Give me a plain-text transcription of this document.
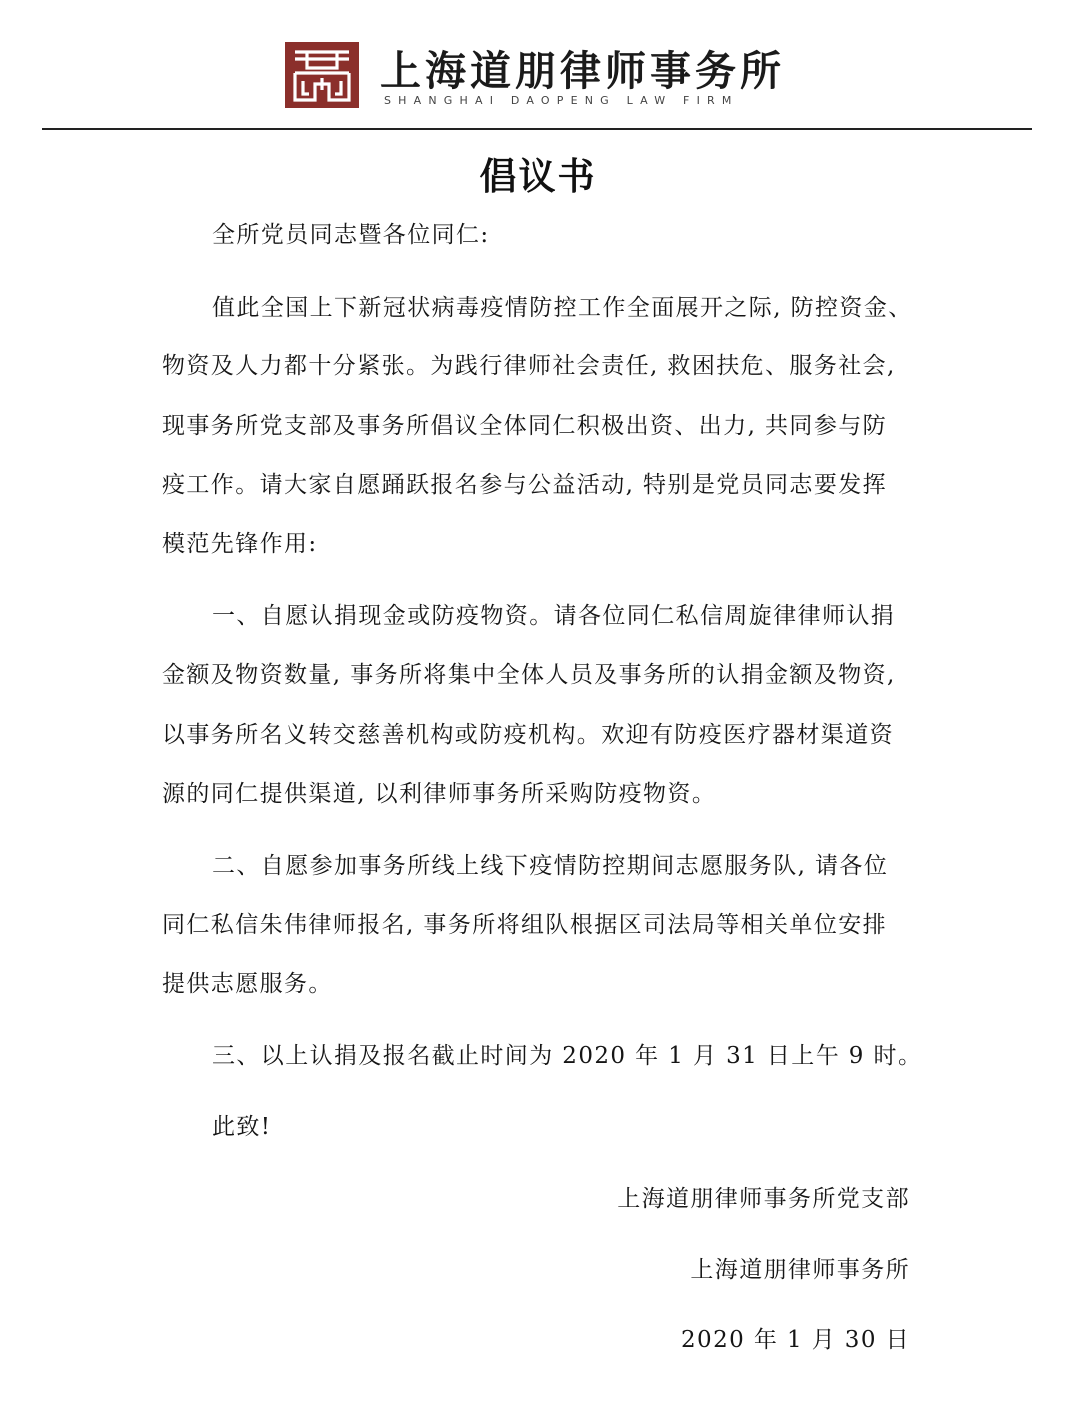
上海道朋律师事务所
SHANGHAI DAOPENG LAW FIRM
倡议书
全所党员同志暨各位同仁:
值此全国上下新冠状病毒疫情防控工作全面展开之际, 防控资金、
物资及人力都十分紧张。为践行律师社会责任, 救困扶危、服务社会,
现事务所党支部及事务所倡议全体同仁积极出资、出力, 共同参与防
疫工作。请大家自愿踊跃报名参与公益活动, 特别是党员同志要发挥
模范先锋作用:
一、自愿认捐现金或防疫物资。请各位同仁私信周旋律律师认捐
金额及物资数量, 事务所将集中全体人员及事务所的认捐金额及物资,
以事务所名义转交慈善机构或防疫机构。欢迎有防疫医疗器材渠道资
源的同仁提供渠道, 以利律师事务所采购防疫物资。
二、自愿参加事务所线上线下疫情防控期间志愿服务队, 请各位
同仁私信朱伟律师报名, 事务所将组队根据区司法局等相关单位安排
提供志愿服务。
三、以上认捐及报名截止时间为 2020 年 1 月 31 日上午 9 时。
此致!
上海道朋律师事务所党支部
上海道朋律师事务所
2020 年 1 月 30 日
